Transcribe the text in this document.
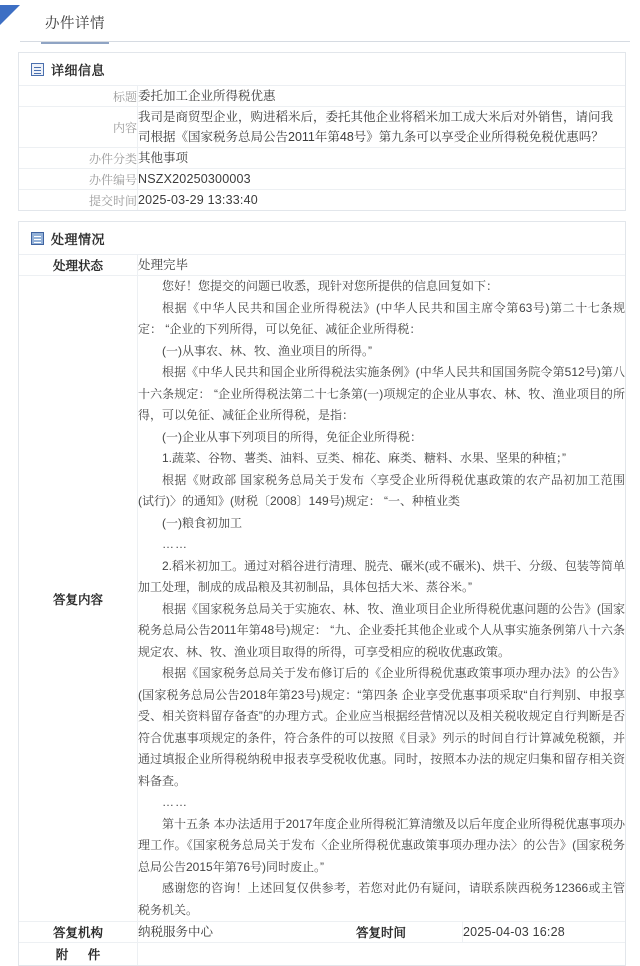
办件详情
详细信息
标题	委托加工企业所得税优惠
内容	我司是商贸型企业，购进稻米后，委托其他企业将稻米加工成大米后对外销售，请问我司根据《国家税务总局公告2011年第48号》第九条可以享受企业所得税免税优惠吗？
办件分类	其他事项
办件编号	NSZX20250300003
提交时间	2025-03-29 13:33:40
处理情况
处理状态	处理完毕		
答复内容	

您好！您提交的问题已收悉，现针对您所提供的信息回复如下：

根据《中华人民共和国企业所得税法》(中华人民共和国主席令第63号)第二十七条规定： “企业的下列所得，可以免征、减征企业所得税：

(一)从事农、林、牧、渔业项目的所得。”

根据《中华人民共和国企业所得税法实施条例》(中华人民共和国国务院令第512号)第八十六条规定： “企业所得税法第二十七条第(一)项规定的企业从事农、林、牧、渔业项目的所得，可以免征、减征企业所得税，是指：

(一)企业从事下列项目的所得，免征企业所得税：

1.蔬菜、谷物、薯类、油料、豆类、棉花、麻类、糖料、水果、坚果的种植；”

根据《财政部 国家税务总局关于发布〈享受企业所得税优惠政策的农产品初加工范围(试行)〉的通知》(财税〔2008〕149号)规定： “一、种植业类

(一)粮食初加工

……

2.稻米初加工。通过对稻谷进行清理、脱壳、碾米(或不碾米)、烘干、分级、包装等简单加工处理，制成的成品粮及其初制品，具体包括大米、蒸谷米。”

根据《国家税务总局关于实施农、林、牧、渔业项目企业所得税优惠问题的公告》(国家税务总局公告2011年第48号)规定： “九、企业委托其他企业或个人从事实施条例第八十六条规定农、林、牧、渔业项目取得的所得，可享受相应的税收优惠政策。

根据《国家税务总局关于发布修订后的《企业所得税优惠政策事项办理办法》的公告》(国家税务总局公告2018年第23号)规定：“第四条 企业享受优惠事项采取“自行判别、申报享受、相关资料留存备查”的办理方式。企业应当根据经营情况以及相关税收规定自行判断是否符合优惠事项规定的条件，符合条件的可以按照《目录》列示的时间自行计算减免税额，并通过填报企业所得税纳税申报表享受税收优惠。同时，按照本办法的规定归集和留存相关资料备查。

……

第十五条 本办法适用于2017年度企业所得税汇算清缴及以后年度企业所得税优惠事项办理工作。《国家税务总局关于发布〈企业所得税优惠政策事项办理办法〉的公告》(国家税务总局公告2015年第76号)同时废止。”

感谢您的咨询！上述回复仅供参考，若您对此仍有疑问，请联系陕西税务12366或主管税务机关。

答复机构	纳税服务中心	答复时间	2025-04-03 16:28
附 件			
